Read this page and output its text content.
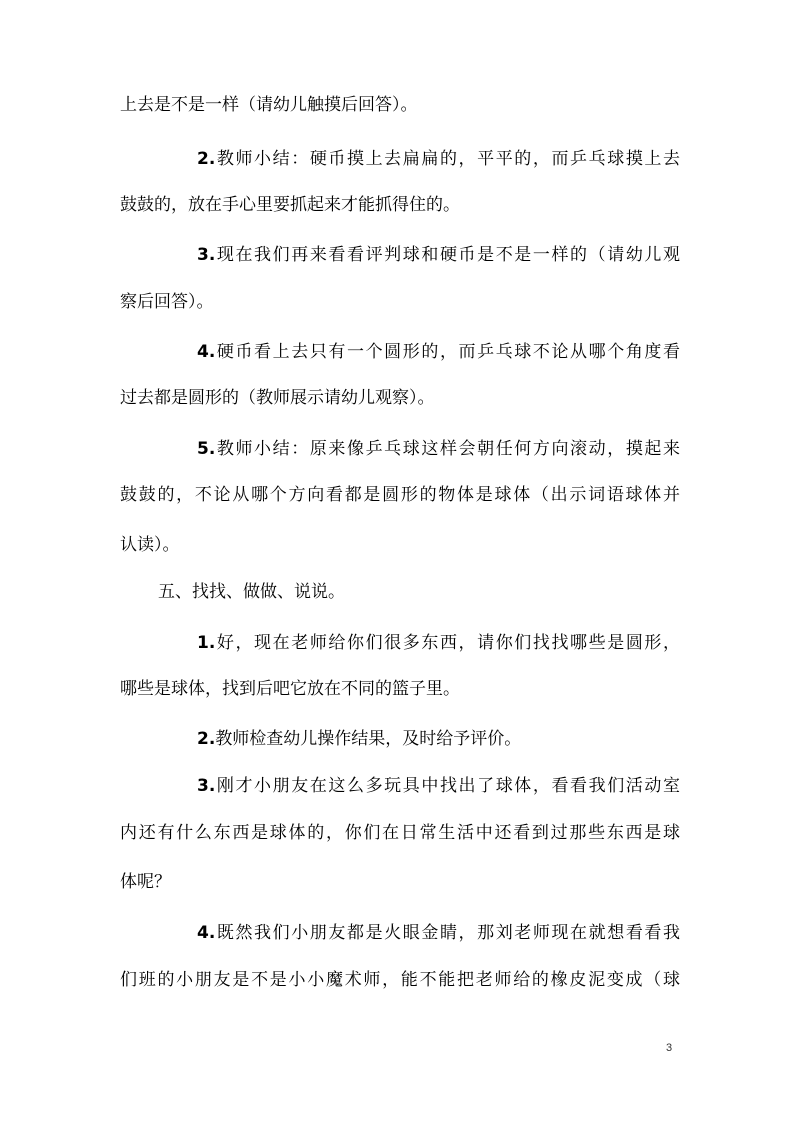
上去是不是一样（请幼儿触摸后回答）。
2.教师小结：硬币摸上去扁扁的，平平的，而乒乓球摸上去
鼓鼓的，放在手心里要抓起来才能抓得住的。
3.现在我们再来看看评判球和硬币是不是一样的（请幼儿观
察后回答）。
4.硬币看上去只有一个圆形的，而乒乓球不论从哪个角度看
过去都是圆形的（教师展示请幼儿观察）。
5.教师小结：原来像乒乓球这样会朝任何方向滚动，摸起来
鼓鼓的，不论从哪个方向看都是圆形的物体是球体（出示词语球体并
认读）。
五、找找、做做、说说。
1.好，现在老师给你们很多东西，请你们找找哪些是圆形，
哪些是球体，找到后吧它放在不同的篮子里。
2.教师检查幼儿操作结果，及时给予评价。
3.刚才小朋友在这么多玩具中找出了球体，看看我们活动室
内还有什么东西是球体的，你们在日常生活中还看到过那些东西是球
体呢？
4.既然我们小朋友都是火眼金睛，那刘老师现在就想看看我
们班的小朋友是不是小小魔术师，能不能把老师给的橡皮泥变成（球
3
